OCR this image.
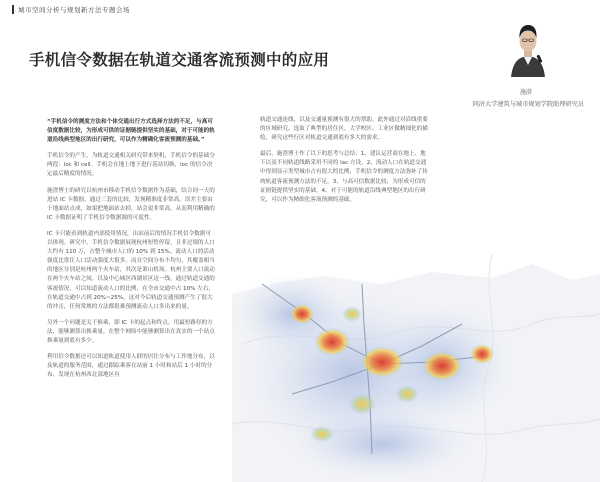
城市空间分析与规划新方法专题会场
手机信令数据在轨道交通客流预测中的应用
施澄
同济大学建筑与城市规划学院助理研究员

“手机信令的测度方法和个体交通出行方式选择方法的不足，与高可信度数据比较，为形成可供的证据链提供坚实的基础，对于可能的轨道沿线典型地区的出行研究，可以作为精确化客流预测的基础。”

手机信令的产生，为轨道交通相关研究带来契机，手机信令的基础分两段：loc 和 cell。手机会在地上地下进行基站切换，loc 的信令决定最后精度的情况。

施澄博士的研究以杭州市移动手机信令数据作为基础，结合同一天的进站 IC 卡数据，通过三套的比较，发现精准度非常高，误差主要由于地面站点成，如果把地面站去掉，站会更非常高，从而利用精确的 IC 卡数据证明了手机信令数据源的可度性。

IC 卡只能看到轨道内部使用情况，出站前后的情况手机信令数据可以体现。研究中，手机信令数据展现杭州短暂停留，且非过境的人口大约有 110 万，占整个城市人口的 10% 到 15%。流动人口的活动强度比常住人口活动强度大很多，而且空间分布不均匀，其覆盖相当的地区分别是杭州两个火车站，其次是萧山机场。杭州主要人口流动在两个火车站之间，以及中心城区西湖景区这一线。通过轨道交通的客流情况，可以知道流动人口的比例，在全市交通中占 10% 左右，在轨道交通中占到 20%~25%，这对今后轨道交通预测产生了很大的冲击，任何常规的方法都很难预测流动人口多出来的量。

另外一个问题是关于换乘，即 IC 卡的起点和终点，用最短路径的方法，能够测算出换乘量，在整个网络中能够测算出在真实的一个站点换乘量到底有多少。

利用信令数据还可以知道轨道使用人群的居住分布与工作地分布，以及轨道的服务范围，通过跟踪乘客在站前 1 小时和站后 1 小时的分布，发现在杭州西北部地区有

轨道交通连线，以及交通量预测有很大的帮助。此外通过对沿线重要的区域研究，选取了典型的居住区、大学校区、工业区做精细化的描绘，研究这些行区对轨道交通到底有多大的需求。

最后，施澄博士作了以下的思考与总结：1、建议运营商在地上、地下以及不同轨道线路采用不同的 lac 方设。2、流动人口在轨道交通中得到显示类型城市占有很大的比例，手机信令的测度方法弥补了传统轨道客流预测方法的不足。3、与高可信数据比较，为形成可信的证据链提供坚实的基础。4、对于可能的轨道沿线典型地区的出行研究，可以作为精细化客流预测的基础。
